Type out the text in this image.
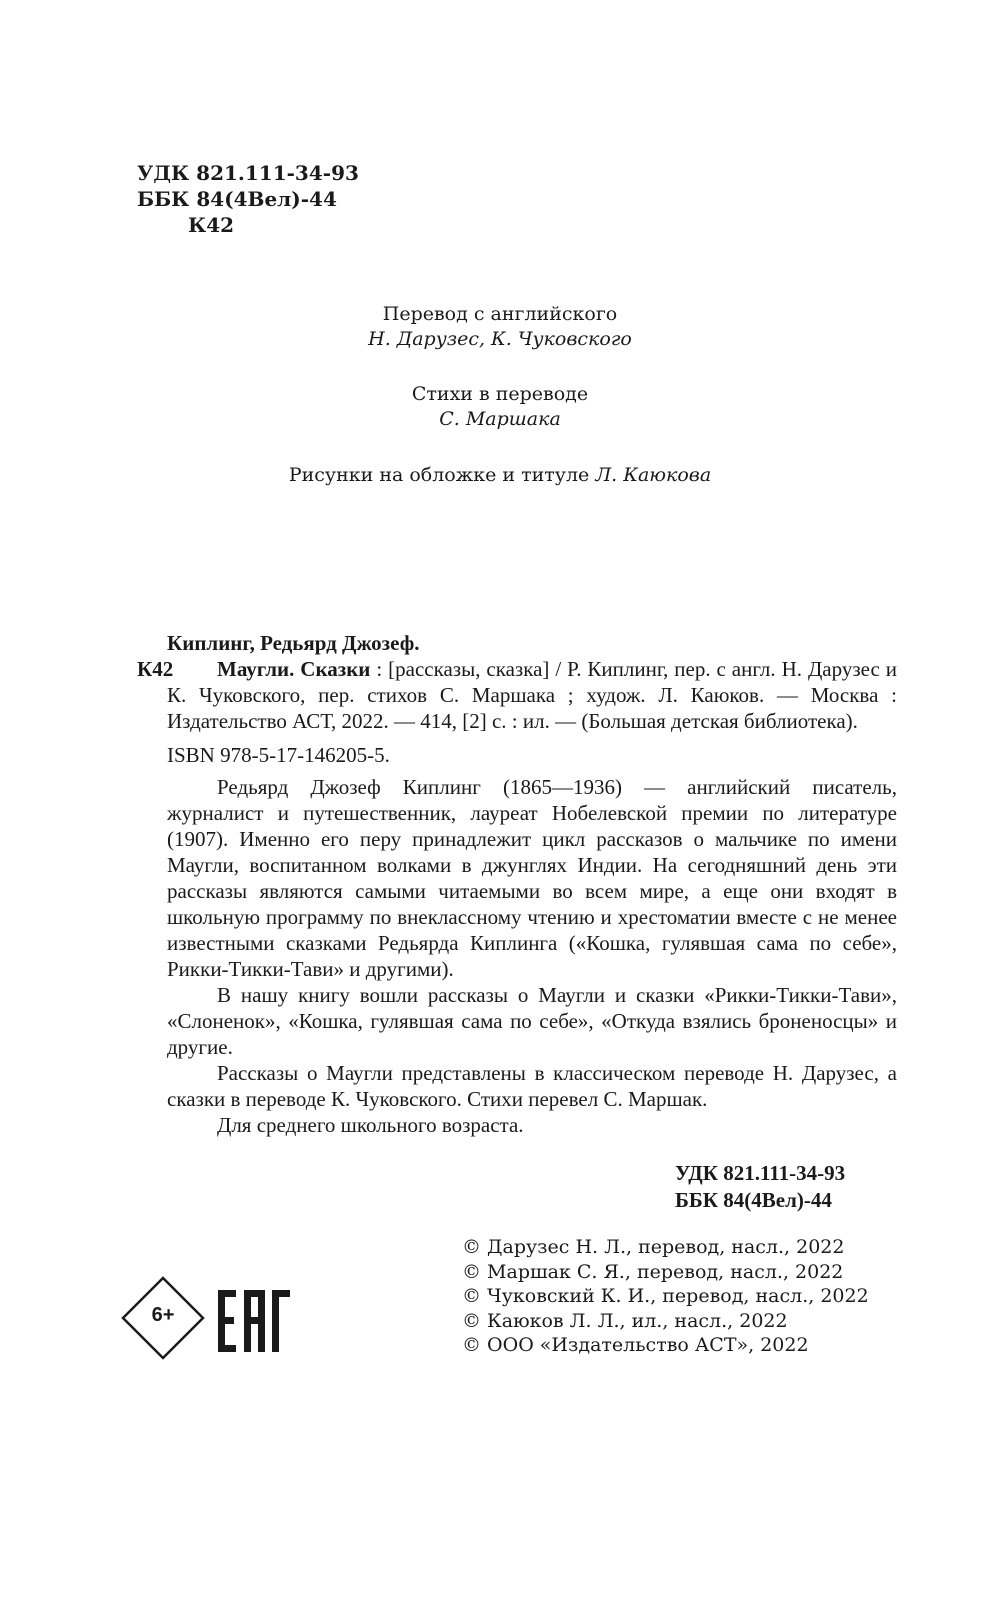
УДК 821.111-34-93
ББК 84(4Вел)-44
К42
Перевод с английского
Н. Дарузес, К. Чуковского
Стихи в переводе
С. Маршака
Рисунки на обложке и титуле Л. Каюкова
К42
Киплинг, Редьярд Джозеф.
Маугли. Сказки : [рассказы, сказка] / Р. Киплинг, пер. с англ. Н. Дарузес и К. Чуковского, пер. стихов С. Маршака ; худож. Л. Каюков. — Москва : Издательство АСТ, 2022. — 414, [2] с. : ил. — (Большая детская библиотека).
ISBN 978-5-17-146205-5.

Редьярд Джозеф Киплинг (1865—1936) — английский писатель, журналист и путешественник, лауреат Нобелевской премии по литературе (1907). Именно его перу принадлежит цикл рассказов о мальчике по имени Маугли, воспитанном волками в джунглях Индии. На сегодняшний день эти рассказы являются самыми читаемыми во всем мире, а еще они входят в школьную программу по внеклассному чтению и хрестоматии вместе с не менее известными сказками Редьярда Киплинга («Кошка, гулявшая сама по себе», Рикки-Тикки-Тави» и другими).

В нашу книгу вошли рассказы о Маугли и сказки «Рикки-Тикки-Тави», «Слоненок», «Кошка, гулявшая сама по себе», «Откуда взялись броненосцы» и другие.

Рассказы о Маугли представлены в классическом переводе Н. Дарузес, а сказки в переводе К. Чуковского. Стихи перевел С. Маршак.

Для среднего школьного возраста.

УДК 821.111-34-93
ББК 84(4Вел)-44
© Дарузес Н. Л., перевод, насл., 2022
© Маршак С. Я., перевод, насл., 2022
© Чуковский К. И., перевод, насл., 2022
© Каюков Л. Л., ил., насл., 2022
© ООО «Издательство АСТ», 2022
6+
